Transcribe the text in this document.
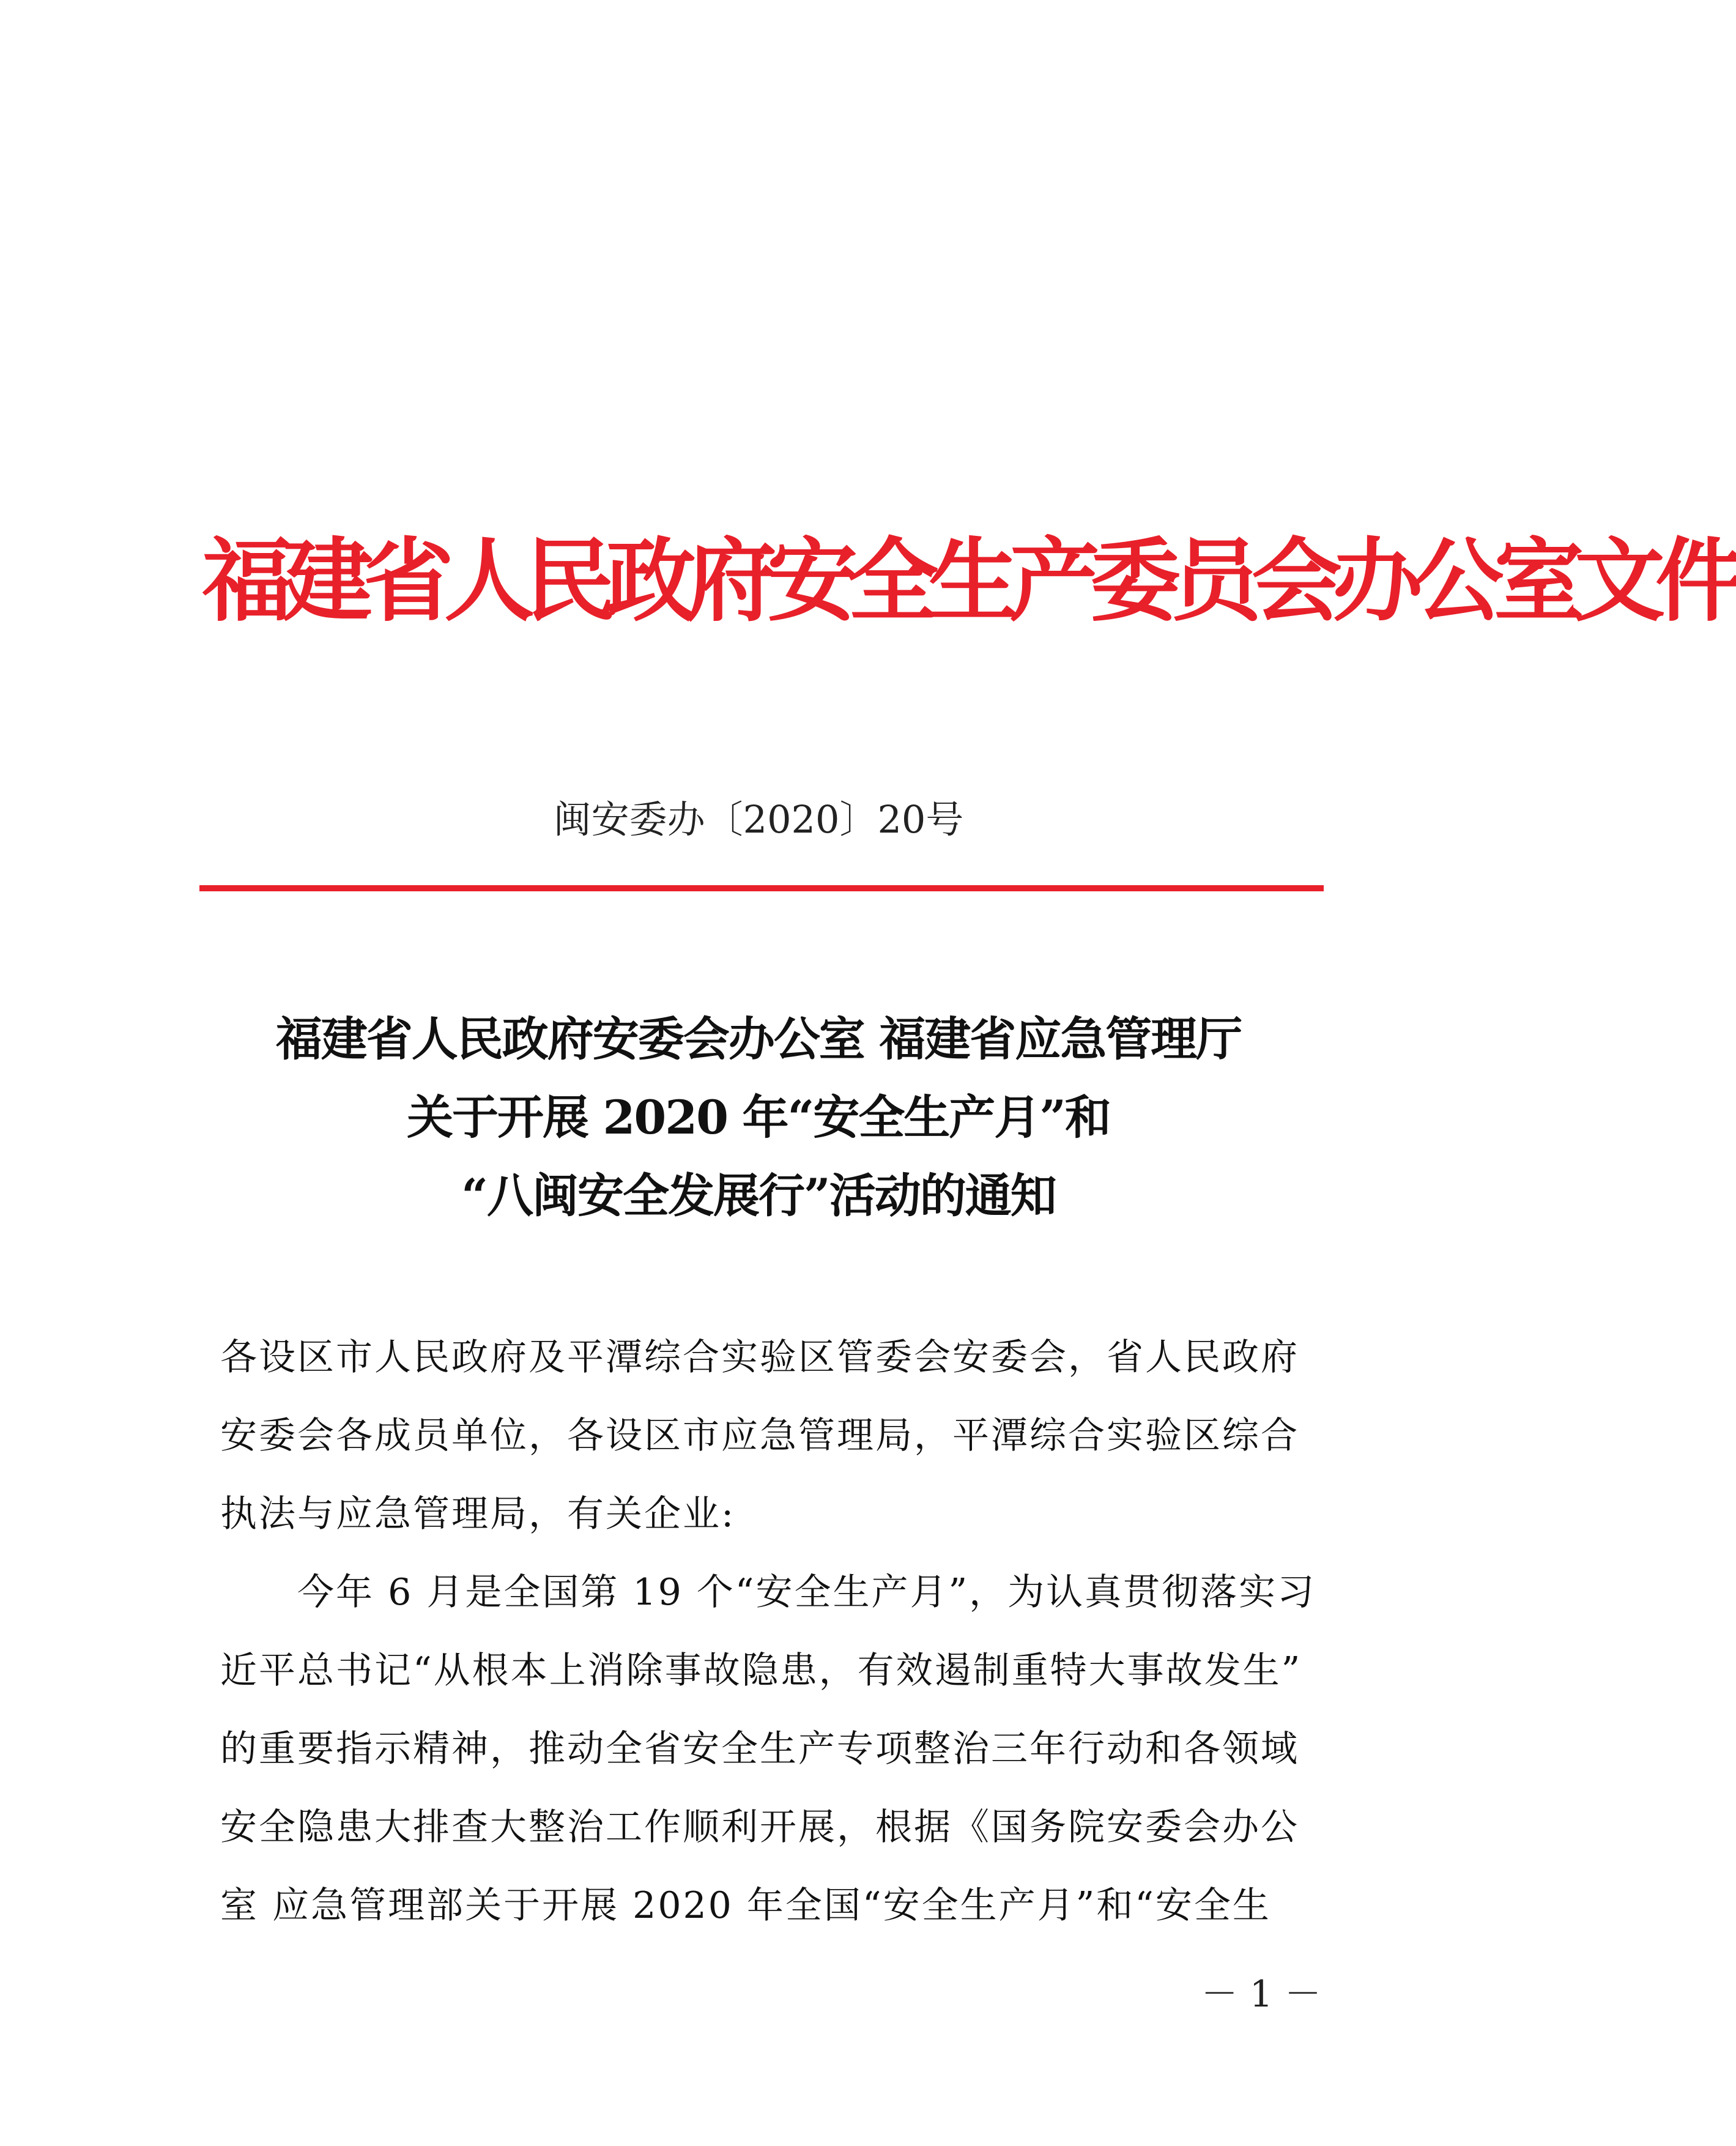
福建省人民政府安全生产委员会办公室文件
闽安委办〔2020〕20号
福建省人民政府安委会办公室 福建省应急管理厅
关于开展 2020 年“安全生产月”和
“八闽安全发展行”活动的通知
各设区市人民政府及平潭综合实验区管委会安委会，省人民政府
安委会各成员单位，各设区市应急管理局，平潭综合实验区综合
执法与应急管理局，有关企业:
　　今年 6 月是全国第 19 个“安全生产月”，为认真贯彻落实习
近平总书记“从根本上消除事故隐患，有效遏制重特大事故发生”
的重要指示精神，推动全省安全生产专项整治三年行动和各领域
安全隐患大排查大整治工作顺利开展，根据《国务院安委会办公
室 应急管理部关于开展 2020 年全国“安全生产月”和“安全生
－ 1 －
